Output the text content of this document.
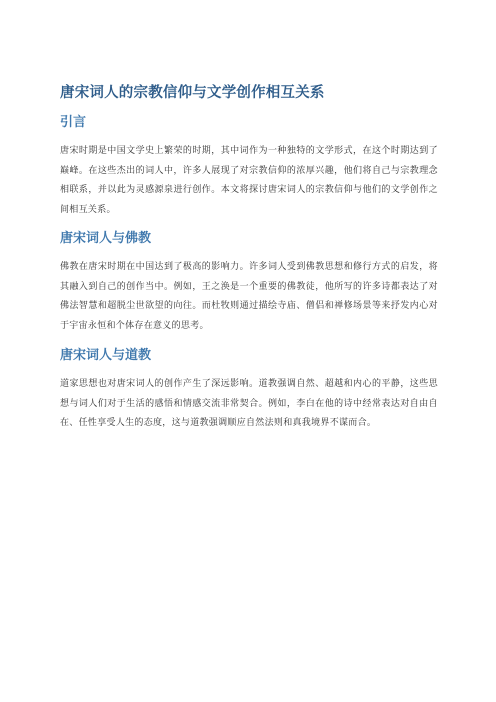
唐宋词人的宗教信仰与文学创作相互关系
引言

唐宋时期是中国文学史上繁荣的时期，其中词作为一种独特的文学形式，在这个时期达到了巅峰。在这些杰出的词人中，许多人展现了对宗教信仰的浓厚兴趣，他们将自己与宗教理念相联系，并以此为灵感源泉进行创作。本文将探讨唐宋词人的宗教信仰与他们的文学创作之间相互关系。

唐宋词人与佛教

佛教在唐宋时期在中国达到了极高的影响力。许多词人受到佛教思想和修行方式的启发，将其融入到自己的创作当中。例如，王之涣是一个重要的佛教徒，他所写的许多诗都表达了对佛法智慧和超脱尘世欲望的向往。而杜牧则通过描绘寺庙、僧侣和禅修场景等来抒发内心对于宇宙永恒和个体存在意义的思考。

唐宋词人与道教

道家思想也对唐宋词人的创作产生了深远影响。道教强调自然、超越和内心的平静，这些思想与词人们对于生活的感悟和情感交流非常契合。例如，李白在他的诗中经常表达对自由自在、任性享受人生的态度，这与道教强调顺应自然法则和真我境界不谋而合。
